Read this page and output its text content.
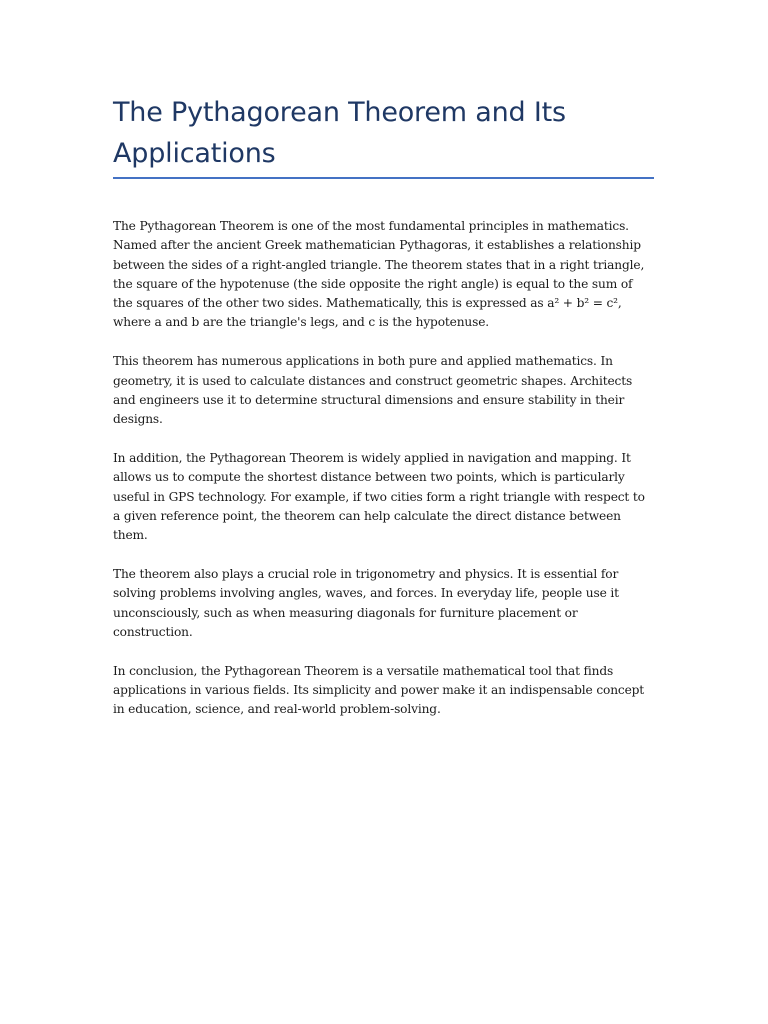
The Pythagorean Theorem and Its Applications

The Pythagorean Theorem is one of the most fundamental principles in mathematics. Named after the ancient Greek mathematician Pythagoras, it establishes a relationship between the sides of a right-angled triangle. The theorem states that in a right triangle, the square of the hypotenuse (the side opposite the right angle) is equal to the sum of the squares of the other two sides. Mathematically, this is expressed as a² + b² = c², where a and b are the triangle's legs, and c is the hypotenuse.

This theorem has numerous applications in both pure and applied mathematics. In geometry, it is used to calculate distances and construct geometric shapes. Architects and engineers use it to determine structural dimensions and ensure stability in their designs.

In addition, the Pythagorean Theorem is widely applied in navigation and mapping. It allows us to compute the shortest distance between two points, which is particularly useful in GPS technology. For example, if two cities form a right triangle with respect to a given reference point, the theorem can help calculate the direct distance between them.

The theorem also plays a crucial role in trigonometry and physics. It is essential for solving problems involving angles, waves, and forces. In everyday life, people use it unconsciously, such as when measuring diagonals for furniture placement or construction.

In conclusion, the Pythagorean Theorem is a versatile mathematical tool that finds applications in various fields. Its simplicity and power make it an indispensable concept in education, science, and real-world problem-solving.
